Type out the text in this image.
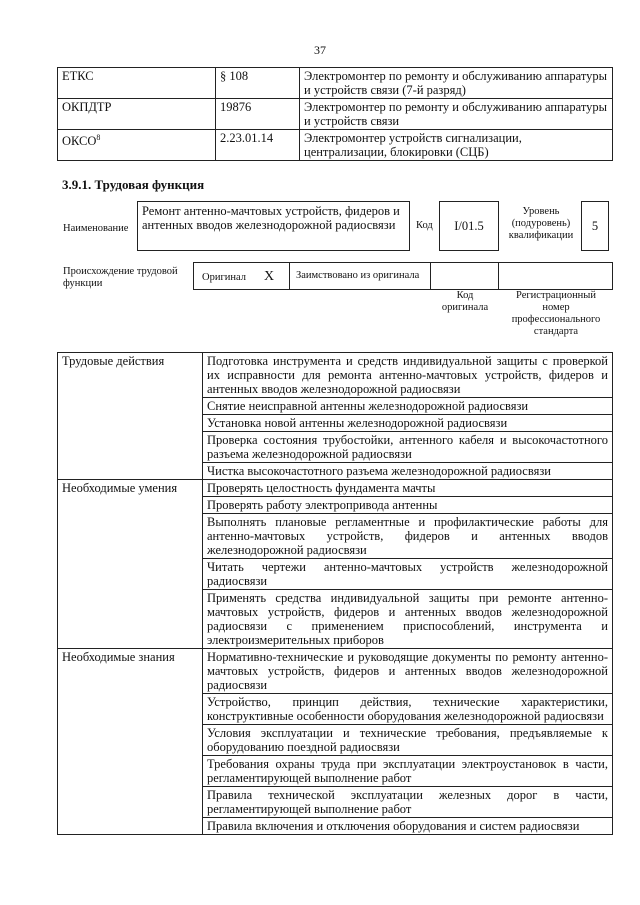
37
ЕТКС	§ 108	Электромонтер по ремонту и обслуживанию аппаратуры и устройств связи (7-й разряд)
ОКПДТР	19876	Электромонтер по ремонту и обслуживанию аппаратуры и устройств связи
ОКСО$^8$	2.23.01.14	Электромонтер устройств сигнализации, централизации, блокировки (СЦБ)
3.9.1. Трудовая функция
Наименование
Ремонт антенно-мачтовых устройств, фидеров и антенных вводов железнодорожной радиосвязи	Код	I/01.5
Уровень (подуровень) квалификации
5
Происхождение трудовой функции
Оригинал X	Заимствовано из оригинала
Код оригинала
Регистрационный номер профессионального стандарта
Трудовые действия	Подготовка инструмента и средств индивидуальной защиты с проверкой их исправности для ремонта антенно-мачтовых устройств, фидеров и антенных вводов железнодорожной радиосвязи
	Снятие неисправной антенны железнодорожной радиосвязи
	Установка новой антенны железнодорожной радиосвязи
	Проверка состояния трубостойки, антенного кабеля и высокочастотного разъема железнодорожной радиосвязи
	Чистка высокочастотного разъема железнодорожной радиосвязи
Необходимые умения	Проверять целостность фундамента мачты
	Проверять работу электропривода антенны
	Выполнять плановые регламентные и профилактические работы для антенно-мачтовых устройств, фидеров и антенных вводов железнодорожной радиосвязи
	Читать чертежи антенно-мачтовых устройств железнодорожной радиосвязи
	Применять средства индивидуальной защиты при ремонте антенно-мачтовых устройств, фидеров и антенных вводов железнодорожной радиосвязи с применением приспособлений, инструмента и электроизмерительных приборов
Необходимые знания	Нормативно-технические и руководящие документы по ремонту антенно-мачтовых устройств, фидеров и антенных вводов железнодорожной радиосвязи
	Устройство, принцип действия, технические характеристики, конструктивные особенности оборудования железнодорожной радиосвязи
	Условия эксплуатации и технические требования, предъявляемые к оборудованию поездной радиосвязи
	Требования охраны труда при эксплуатации электроустановок в части, регламентирующей выполнение работ
	Правила технической эксплуатации железных дорог в части, регламентирующей выполнение работ
	Правила включения и отключения оборудования и систем радиосвязи
